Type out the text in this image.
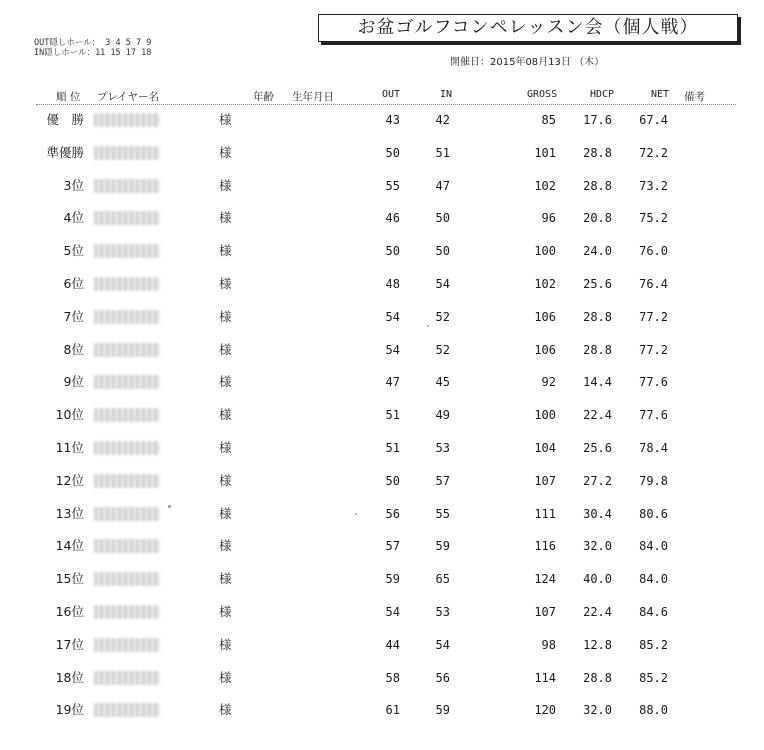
お盆ゴルフコンペレッスン会（個人戦）
OUT隠しホール： 3 4 5 7 9
IN隠しホール：11 15 17 18
開催日：2015年08月13日 （木）
順 位 プレイヤー名	年齢 生年月日	OUT	IN	GROSS	HDCP	NET 備考
優　勝	様	43	42	85	17.6	67.4
準優勝	様	50	51	101	28.8	72.2
3位	様	55	47	102	28.8	73.2
4位	様	46	50	96	20.8	75.2
5位	様	50	50	100	24.0	76.0
6位	様	48	54	102	25.6	76.4
7位	様	54	52	106	28.8	77.2
8位	様	54	52	106	28.8	77.2
9位	様	47	45	92	14.4	77.6
10位	様	51	49	100	22.4	77.6
11位	様	51	53	104	25.6	78.4
12位	様	50	57	107	27.2	79.8
13位	様	56	55	111	30.4	80.6
14位	様	57	59	116	32.0	84.0
15位	様	59	65	124	40.0	84.0
16位	様	54	53	107	22.4	84.6
17位	様	44	54	98	12.8	85.2
18位	様	58	56	114	28.8	85.2
19位	様	61	59	120	32.0	88.0
